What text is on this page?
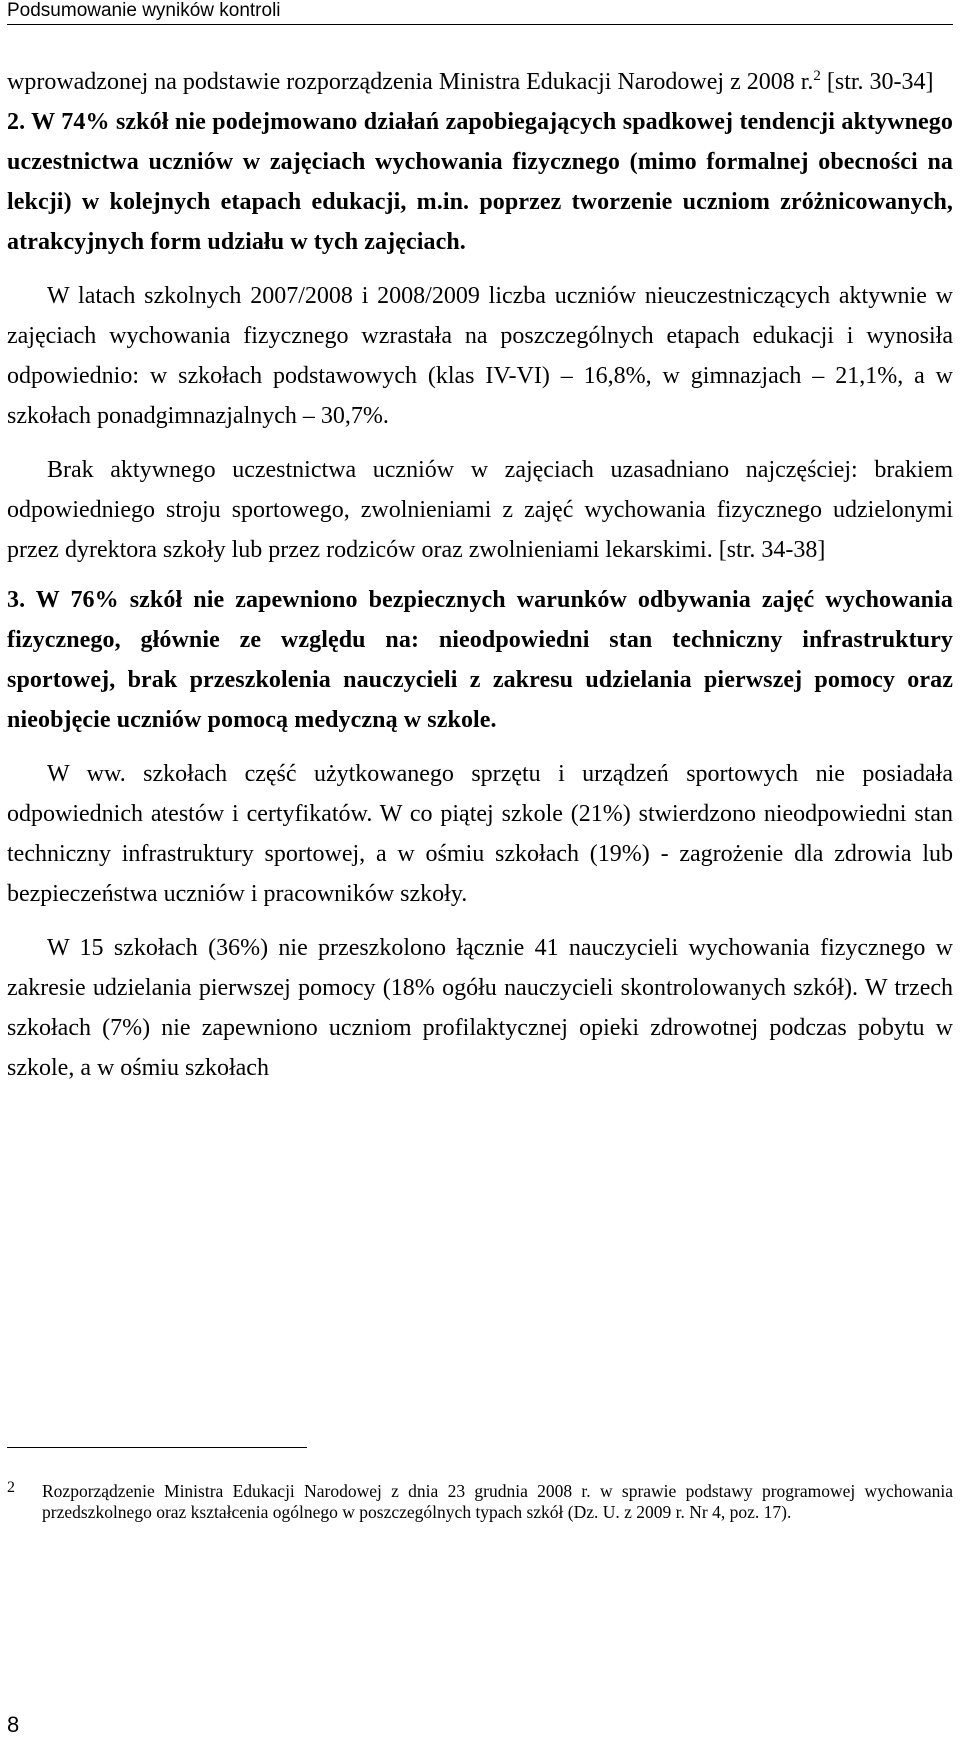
Podsumowanie wyników kontroli

wprowadzonej na podstawie rozporządzenia Ministra Edukacji Narodowej z 2008 r.$^2$ [str. 30-34]

2. W 74% szkół nie podejmowano działań zapobiegających spadkowej tendencji aktywnego uczestnictwa uczniów w zajęciach wychowania fizycznego (mimo formalnej obecności na lekcji) w kolejnych etapach edukacji, m.in. poprzez tworzenie uczniom zróżnicowanych, atrakcyjnych form udziału w tych zajęciach.

W latach szkolnych 2007/2008 i 2008/2009 liczba uczniów nieuczestniczących aktywnie w zajęciach wychowania fizycznego wzrastała na poszczególnych etapach edukacji i wynosiła odpowiednio: w szkołach podstawowych (klas IV-VI) – 16,8%, w gimnazjach – 21,1%, a w szkołach ponadgimnazjalnych – 30,7%.

Brak aktywnego uczestnictwa uczniów w zajęciach uzasadniano najczęściej: brakiem odpowiedniego stroju sportowego, zwolnieniami z zajęć wychowania fizycznego udzielonymi przez dyrektora szkoły lub przez rodziców oraz zwolnieniami lekarskimi. [str. 34-38]

3. W 76% szkół nie zapewniono bezpiecznych warunków odbywania zajęć wychowania fizycznego, głównie ze względu na: nieodpowiedni stan techniczny infrastruktury sportowej, brak przeszkolenia nauczycieli z zakresu udzielania pierwszej pomocy oraz nieobjęcie uczniów pomocą medyczną w szkole.

W ww. szkołach część użytkowanego sprzętu i urządzeń sportowych nie posiadała odpowiednich atestów i certyfikatów. W co piątej szkole (21%) stwierdzono nieodpowiedni stan techniczny infrastruktury sportowej, a w ośmiu szkołach (19%) - zagrożenie dla zdrowia lub bezpieczeństwa uczniów i pracowników szkoły.

W 15 szkołach (36%) nie przeszkolono łącznie 41 nauczycieli wychowania fizycznego w zakresie udzielania pierwszej pomocy (18% ogółu nauczycieli skontrolowanych szkół). W trzech szkołach (7%) nie zapewniono uczniom profilaktycznej opieki zdrowotnej podczas pobytu w szkole, a w ośmiu szkołach

2 Rozporządzenie Ministra Edukacji Narodowej z dnia 23 grudnia 2008 r. w sprawie podstawy programowej wychowania przedszkolnego oraz kształcenia ogólnego w poszczególnych typach szkół (Dz. U. z 2009 r. Nr 4, poz. 17).
8
